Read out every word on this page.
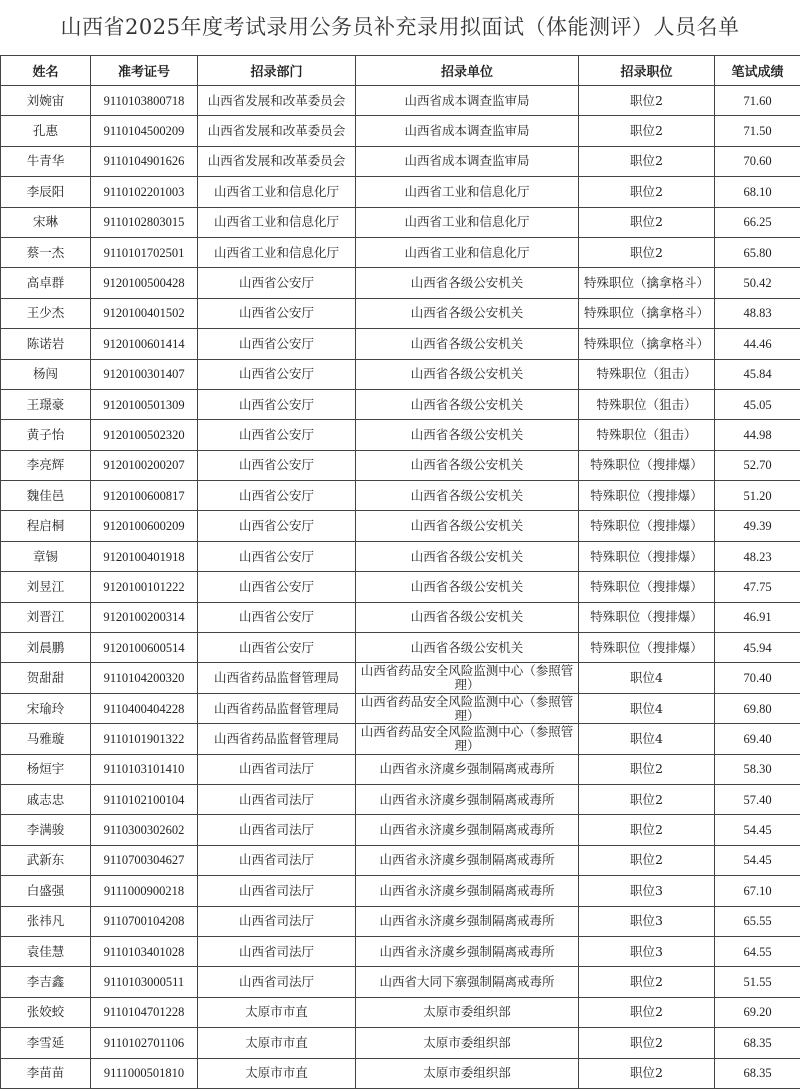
山西省2025年度考试录用公务员补充录用拟面试（体能测评）人员名单
姓名	准考证号	招录部门	招录单位	招录职位	笔试成绩
刘婉宙	9110103800718	山西省发展和改革委员会	山西省成本调查监审局	职位2	71.60
孔惠	9110104500209	山西省发展和改革委员会	山西省成本调查监审局	职位2	71.50
牛青华	9110104901626	山西省发展和改革委员会	山西省成本调查监审局	职位2	70.60
李辰阳	9110102201003	山西省工业和信息化厅	山西省工业和信息化厅	职位2	68.10
宋琳	9110102803015	山西省工业和信息化厅	山西省工业和信息化厅	职位2	66.25
蔡一杰	9110101702501	山西省工业和信息化厅	山西省工业和信息化厅	职位2	65.80
高卓群	9120100500428	山西省公安厅	山西省各级公安机关	特殊职位（擒拿格斗）	50.42
王少杰	9120100401502	山西省公安厅	山西省各级公安机关	特殊职位（擒拿格斗）	48.83
陈诺岩	9120100601414	山西省公安厅	山西省各级公安机关	特殊职位（擒拿格斗）	44.46
杨闯	9120100301407	山西省公安厅	山西省各级公安机关	特殊职位（狙击）	45.84
王璟豪	9120100501309	山西省公安厅	山西省各级公安机关	特殊职位（狙击）	45.05
黄子怡	9120100502320	山西省公安厅	山西省各级公安机关	特殊职位（狙击）	44.98
李亮辉	9120100200207	山西省公安厅	山西省各级公安机关	特殊职位（搜排爆）	52.70
魏佳邑	9120100600817	山西省公安厅	山西省各级公安机关	特殊职位（搜排爆）	51.20
程启桐	9120100600209	山西省公安厅	山西省各级公安机关	特殊职位（搜排爆）	49.39
章锡	9120100401918	山西省公安厅	山西省各级公安机关	特殊职位（搜排爆）	48.23
刘昱江	9120100101222	山西省公安厅	山西省各级公安机关	特殊职位（搜排爆）	47.75
刘晋江	9120100200314	山西省公安厅	山西省各级公安机关	特殊职位（搜排爆）	46.91
刘晨鹏	9120100600514	山西省公安厅	山西省各级公安机关	特殊职位（搜排爆）	45.94
贺甜甜	9110104200320	山西省药品监督管理局	山西省药品安全风险监测中心（参照管理）	职位4	70.40
宋瑜玲	9110400404228	山西省药品监督管理局	山西省药品安全风险监测中心（参照管理）	职位4	69.80
马雅璇	9110101901322	山西省药品监督管理局	山西省药品安全风险监测中心（参照管理）	职位4	69.40
杨烜宇	9110103101410	山西省司法厅	山西省永济虞乡强制隔离戒毒所	职位2	58.30
戚志忠	9110102100104	山西省司法厅	山西省永济虞乡强制隔离戒毒所	职位2	57.40
李满骏	9110300302602	山西省司法厅	山西省永济虞乡强制隔离戒毒所	职位2	54.45
武新东	9110700304627	山西省司法厅	山西省永济虞乡强制隔离戒毒所	职位2	54.45
白盛强	9111000900218	山西省司法厅	山西省永济虞乡强制隔离戒毒所	职位3	67.10
张祎凡	9110700104208	山西省司法厅	山西省永济虞乡强制隔离戒毒所	职位3	65.55
袁佳慧	9110103401028	山西省司法厅	山西省永济虞乡强制隔离戒毒所	职位3	64.55
李吉鑫	9110103000511	山西省司法厅	山西省大同下寨强制隔离戒毒所	职位2	51.55
张姣蛟	9110104701228	太原市市直	太原市委组织部	职位2	69.20
李雪延	9110102701106	太原市市直	太原市委组织部	职位2	68.35
李苗苗	9111000501810	太原市市直	太原市委组织部	职位2	68.35
